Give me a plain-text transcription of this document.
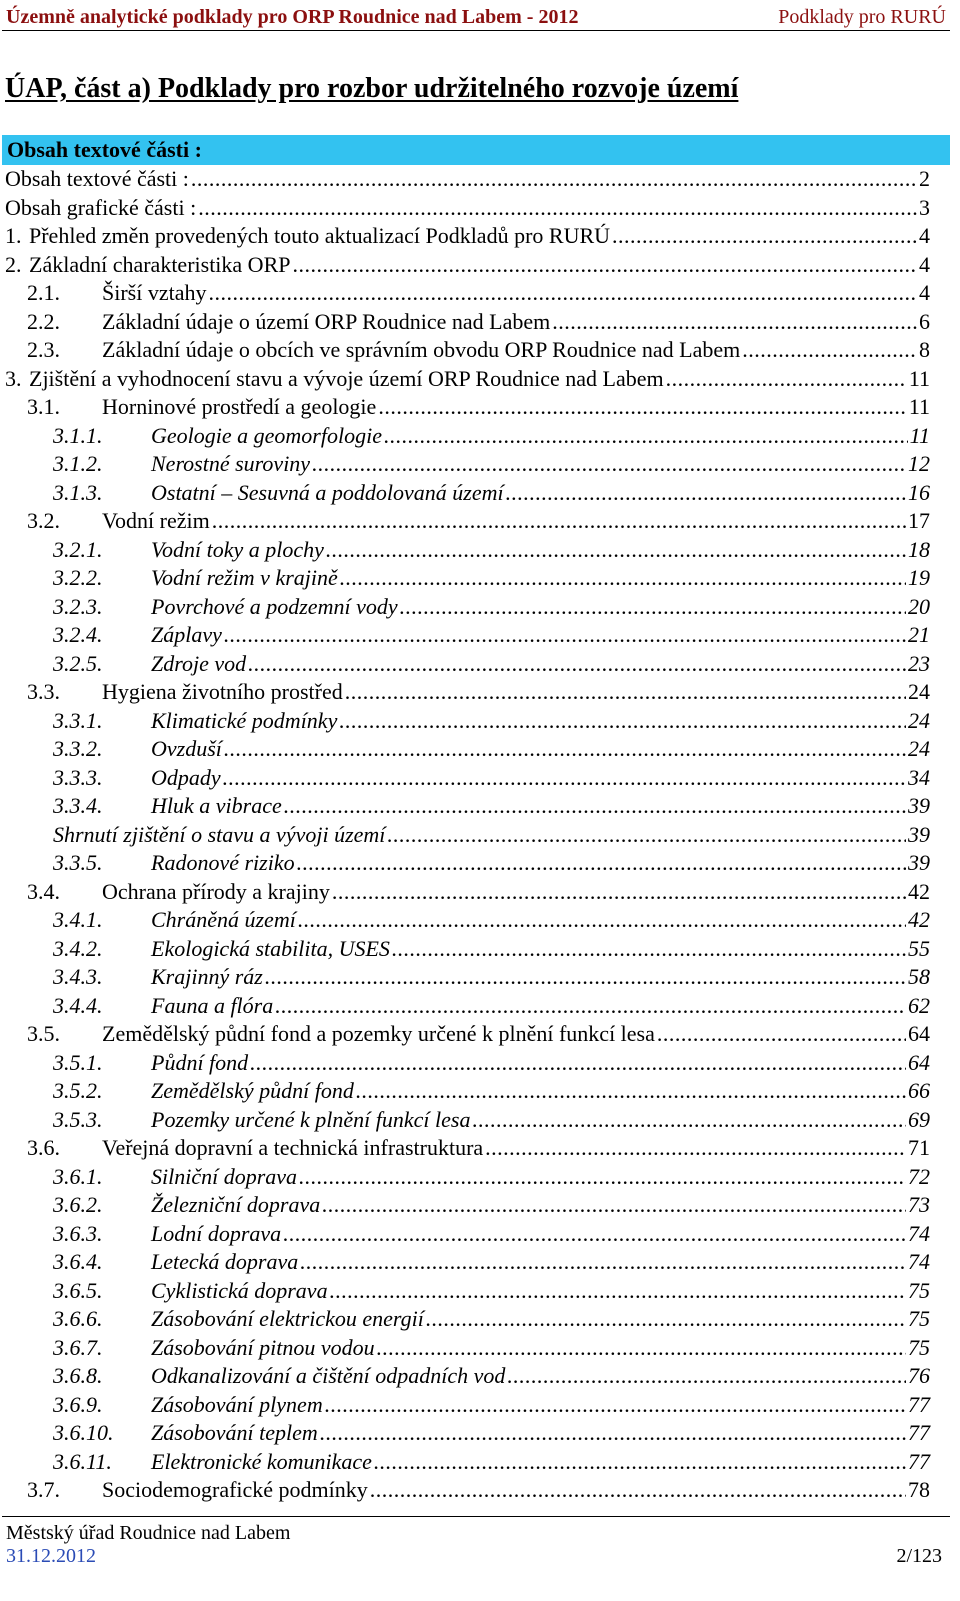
Územně analytické podklady pro ORP Roudnice nad Labem - 2012	Podklady pro RURÚ
ÚAP, část a) Podklady pro rozbor udržitelného rozvoje území
Obsah textové části :
Obsah textové části : .....	2
Obsah grafické části : .....	3
1. Přehled změn provedených touto aktualizací Podkladů pro RURÚ .....	4
2. Základní charakteristika ORP .....	4
2.1.	Širší vztahy .....	4
2.2.	Základní údaje o území ORP Roudnice nad Labem .....	6
2.3.	Základní údaje o obcích ve správním obvodu ORP Roudnice nad Labem .....	8
3. Zjištění a vyhodnocení stavu a vývoje území ORP Roudnice nad Labem .....	11
3.1.	Horninové prostředí a geologie .....	11
3.1.1.	Geologie a geomorfologie .....	11
3.1.2.	Nerostné suroviny .....	12
3.1.3.	Ostatní – Sesuvná a poddolovaná území .....	16
3.2.	Vodní režim .....	17
3.2.1.	Vodní toky a plochy .....	18
3.2.2.	Vodní režim v krajině .....	19
3.2.3.	Povrchové a podzemní vody .....	20
3.2.4.	Záplavy .....	21
3.2.5.	Zdroje vod .....	23
3.3.	Hygiena životního prostřed .....	24
3.3.1.	Klimatické podmínky .....	24
3.3.2.	Ovzduší .....	24
3.3.3.	Odpady .....	34
3.3.4.	Hluk a vibrace .....	39
Shrnutí zjištění o stavu a vývoji území .....	39
3.3.5.	Radonové riziko .....	39
3.4.	Ochrana přírody a krajiny .....	42
3.4.1.	Chráněná území .....	42
3.4.2.	Ekologická stabilita, USES .....	55
3.4.3.	Krajinný ráz .....	58
3.4.4.	Fauna a flóra .....	62
3.5.	Zemědělský půdní fond a pozemky určené k plnění funkcí lesa .....	64
3.5.1.	Půdní fond .....	64
3.5.2.	Zemědělský půdní fond .....	66
3.5.3.	Pozemky určené k plnění funkcí lesa .....	69
3.6.	Veřejná dopravní a technická infrastruktura .....	71
3.6.1.	Silniční doprava .....	72
3.6.2.	Železniční doprava .....	73
3.6.3.	Lodní doprava .....	74
3.6.4.	Letecká doprava .....	74
3.6.5.	Cyklistická doprava .....	75
3.6.6.	Zásobování elektrickou energií .....	75
3.6.7.	Zásobování pitnou vodou .....	75
3.6.8.	Odkanalizování a čištění odpadních vod .....	76
3.6.9.	Zásobování plynem .....	77
3.6.10.	Zásobování teplem .....	77
3.6.11.	Elektronické komunikace .....	77
3.7.	Sociodemografické podmínky .....	78
Městský úřad Roudnice nad Labem
31.12.2012	2/123
